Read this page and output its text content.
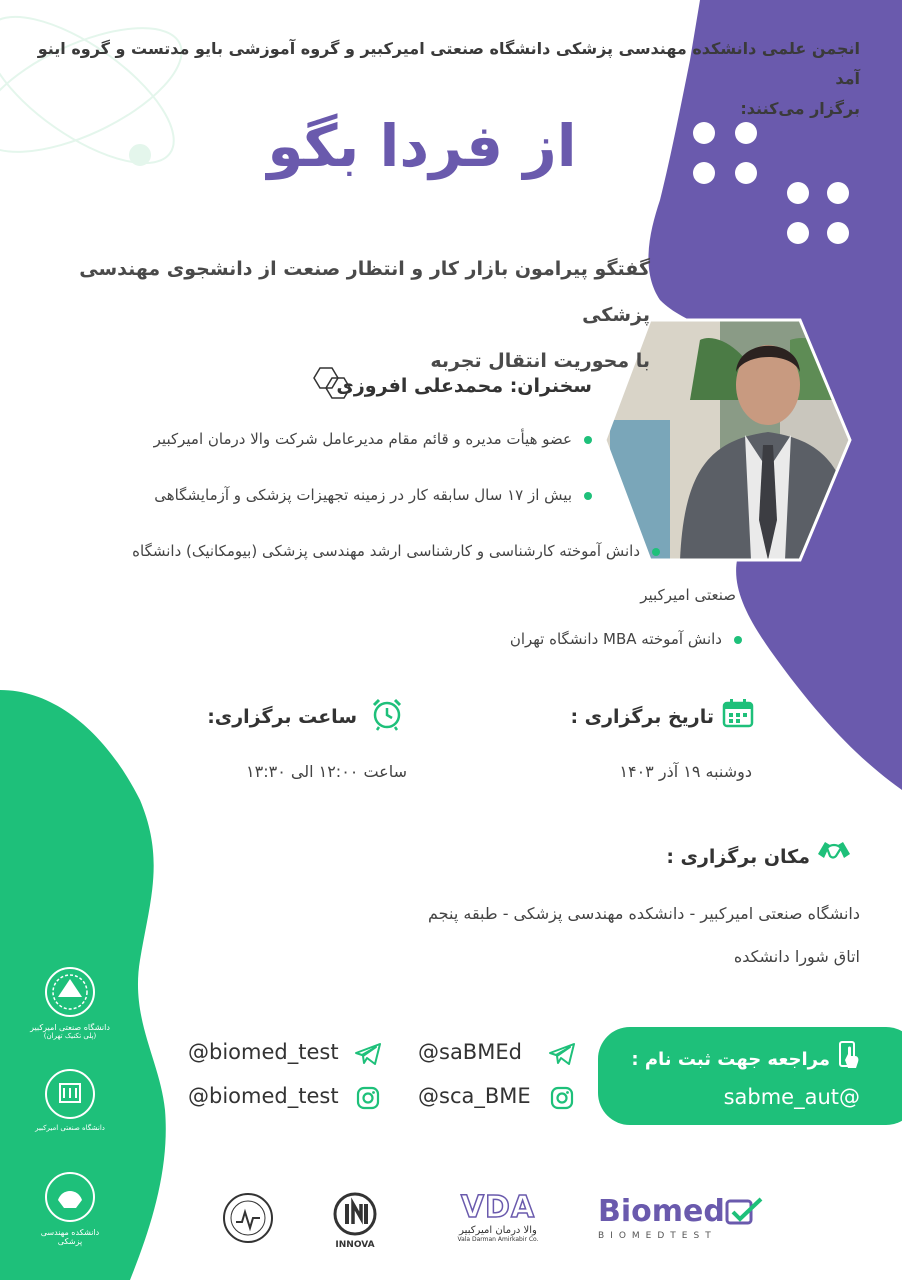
انجمن علمی دانشکده مهندسی پزشکی دانشگاه صنعتی امیرکبیر و گروه آموزشی بایو مدتست و گروه اینو آمد
برگزار می‌کنند:
از فردا بگو
گفتگو پیرامون بازار کار و انتظار صنعت از دانشجوی مهندسی پزشکی
با محوریت انتقال تجربه
سخنران: محمدعلی افروزی
عضو هیأت مدیره و قائم مقام مدیرعامل شرکت والا درمان امیرکبیر
بیش از ۱۷ سال سابقه کار در زمینه تجهیزات پزشکی و آزمایشگاهی
دانش آموخته کارشناسی و کارشناسی ارشد مهندسی پزشکی (بیومکانیک) دانشگاه
صنعتی امیرکبیر
دانش آموخته MBA دانشگاه تهران
تاریخ برگزاری :
دوشنبه ۱۹ آذر ۱۴۰۳
ساعت برگزاری:
ساعت ۱۲:۰۰ الی ۱۳:۳۰
مکان برگزاری :
دانشگاه صنعتی امیرکبیر - دانشکده مهندسی پزشکی - طبقه پنجم
اتاق شورا دانشکده
@biomed_test	@saBMEd
@biomed_test	@sca_BME
مراجعه جهت ثبت نام :
@sabme_aut
دانشگاه صنعتی امیرکبیر
(پلی تکنیک تهران)
دانشگاه صنعتی امیرکبیر
دانشکده مهندسی پزشکی	INNOVA
VDA
والا درمان امیرکبیر
Vala Darman Amirkabir Co.
Biomed
BIOMEDTEST
